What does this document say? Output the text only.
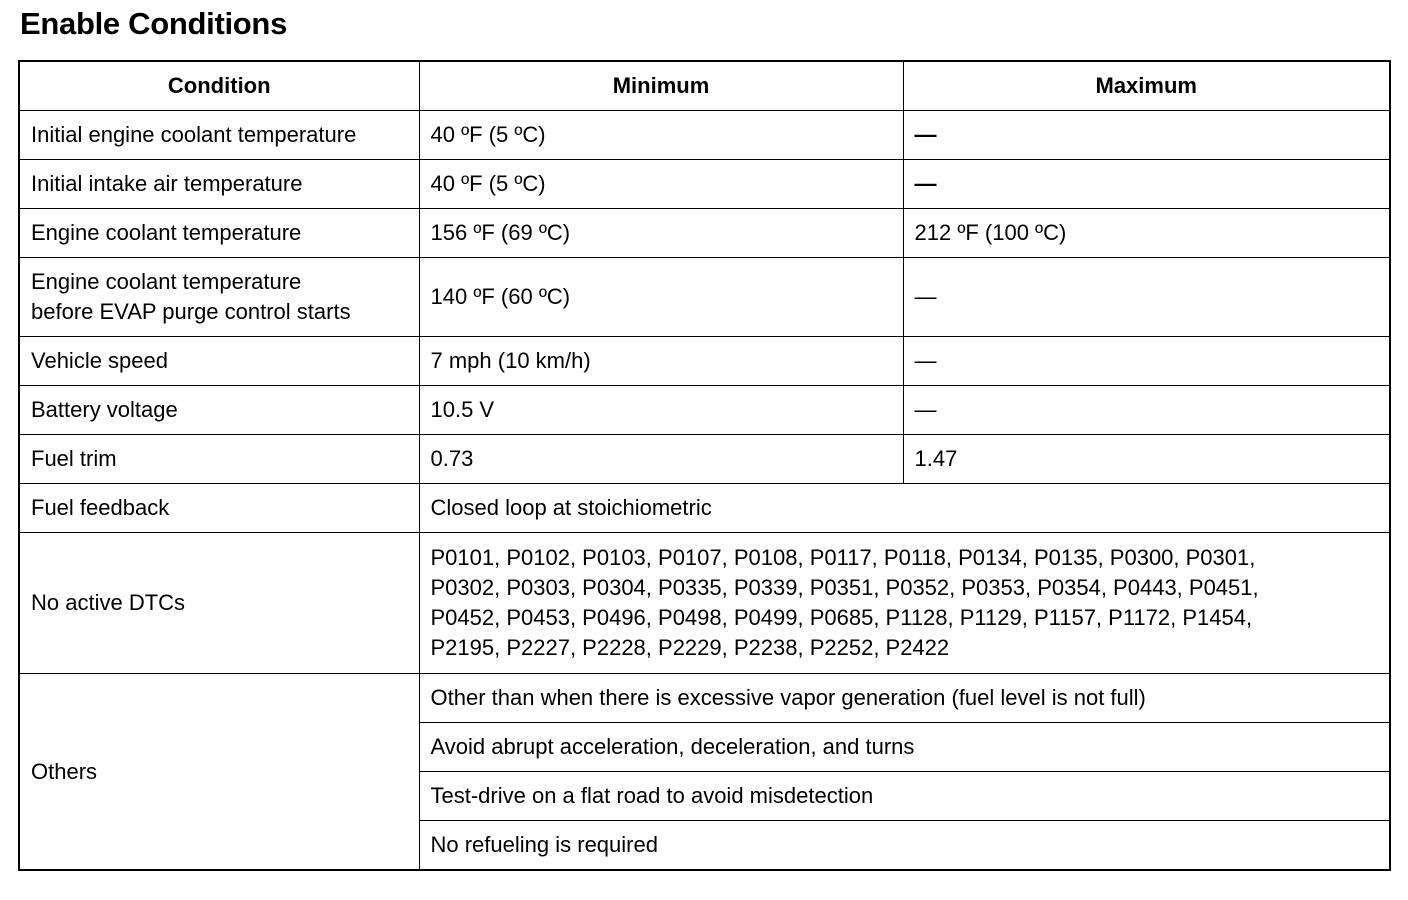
Enable Conditions
Condition	Minimum	Maximum
Initial engine coolant temperature	40 ºF (5 ºC)	—
Initial intake air temperature	40 ºF (5 ºC)	—
Engine coolant temperature	156 ºF (69 ºC)	212 ºF (100 ºC)

Engine coolant temperature
before EVAP purge control starts	140 ºF (60 ºC)	—
Vehicle speed	7 mph (10 km/h)	—
Battery voltage	10.5 V	—
Fuel trim	0.73	1.47
Fuel feedback	Closed loop at stoichiometric	
No active DTCs	P0101, P0102, P0103, P0107, P0108, P0117, P0118, P0134, P0135, P0300, P0301,
P0302, P0303, P0304, P0335, P0339, P0351, P0352, P0353, P0354, P0443, P0451,
P0452, P0453, P0496, P0498, P0499, P0685, P1128, P1129, P1157, P1172, P1454,
P2195, P2227, P2228, P2229, P2238, P2252, P2422	

Others	Other than when there is excessive vapor generation (fuel level is not full)	
	Avoid abrupt acceleration, deceleration, and turns	
	Test-drive on a flat road to avoid misdetection	
	No refueling is required	
